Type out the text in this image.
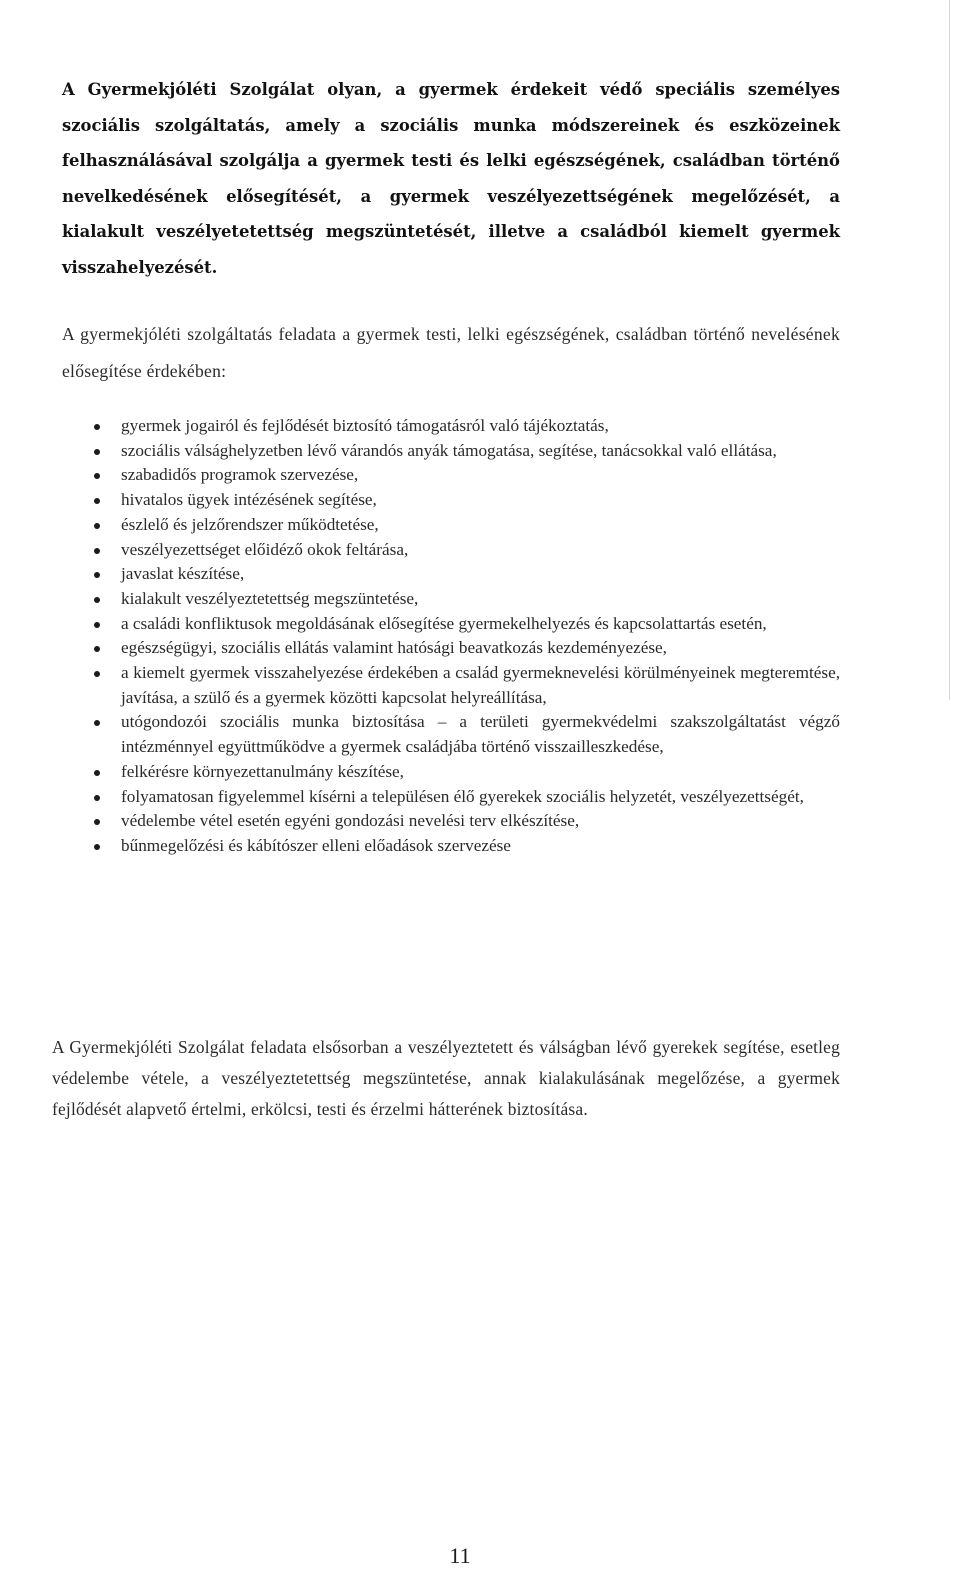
A Gyermekjóléti Szolgálat olyan, a gyermek érdekeit védő speciális személyes szociális szolgáltatás, amely a szociális munka módszereinek és eszközeinek felhasználásával szolgálja a gyermek testi és lelki egészségének, családban történő nevelkedésének elősegítését, a gyermek veszélyezettségének megelőzését, a kialakult veszélyetetettség megszüntetését, illetve a családból kiemelt gyermek visszahelyezését.

A gyermekjóléti szolgáltatás feladata a gyermek testi, lelki egészségének, családban történő nevelésének elősegítése érdekében:

gyermek jogairól és fejlődését biztosító támogatásról való tájékoztatás,
szociális válsághelyzetben lévő várandós anyák támogatása, segítése, tanácsokkal való ellátása,
szabadidős programok szervezése,
hivatalos ügyek intézésének segítése,
észlelő és jelzőrendszer működtetése,
veszélyezettséget előidéző okok feltárása,
javaslat készítése,
kialakult veszélyeztetettség megszüntetése,
a családi konfliktusok megoldásának elősegítése gyermekelhelyezés és kapcsolattartás esetén,
egészségügyi, szociális ellátás valamint hatósági beavatkozás kezdeményezése,
a kiemelt gyermek visszahelyezése érdekében a család gyermeknevelési körülményeinek megteremtése, javítása, a szülő és a gyermek közötti kapcsolat helyreállítása,
utógondozói szociális munka biztosítása – a területi gyermekvédelmi szakszolgáltatást végző intézménnyel együttműködve a gyermek családjába történő visszailleszkedése,
felkérésre környezettanulmány készítése,
folyamatosan figyelemmel kísérni a településen élő gyerekek szociális helyzetét, veszélyezettségét,
védelembe vétel esetén egyéni gondozási nevelési terv elkészítése,
bűnmegelőzési és kábítószer elleni előadások szervezése

A Gyermekjóléti Szolgálat feladata elsősorban a veszélyeztetett és válságban lévő gyerekek segítése, esetleg védelembe vétele, a veszélyeztetettség megszüntetése, annak kialakulásának megelőzése, a gyermek fejlődését alapvető értelmi, erkölcsi, testi és érzelmi hátterének biztosítása.

11
